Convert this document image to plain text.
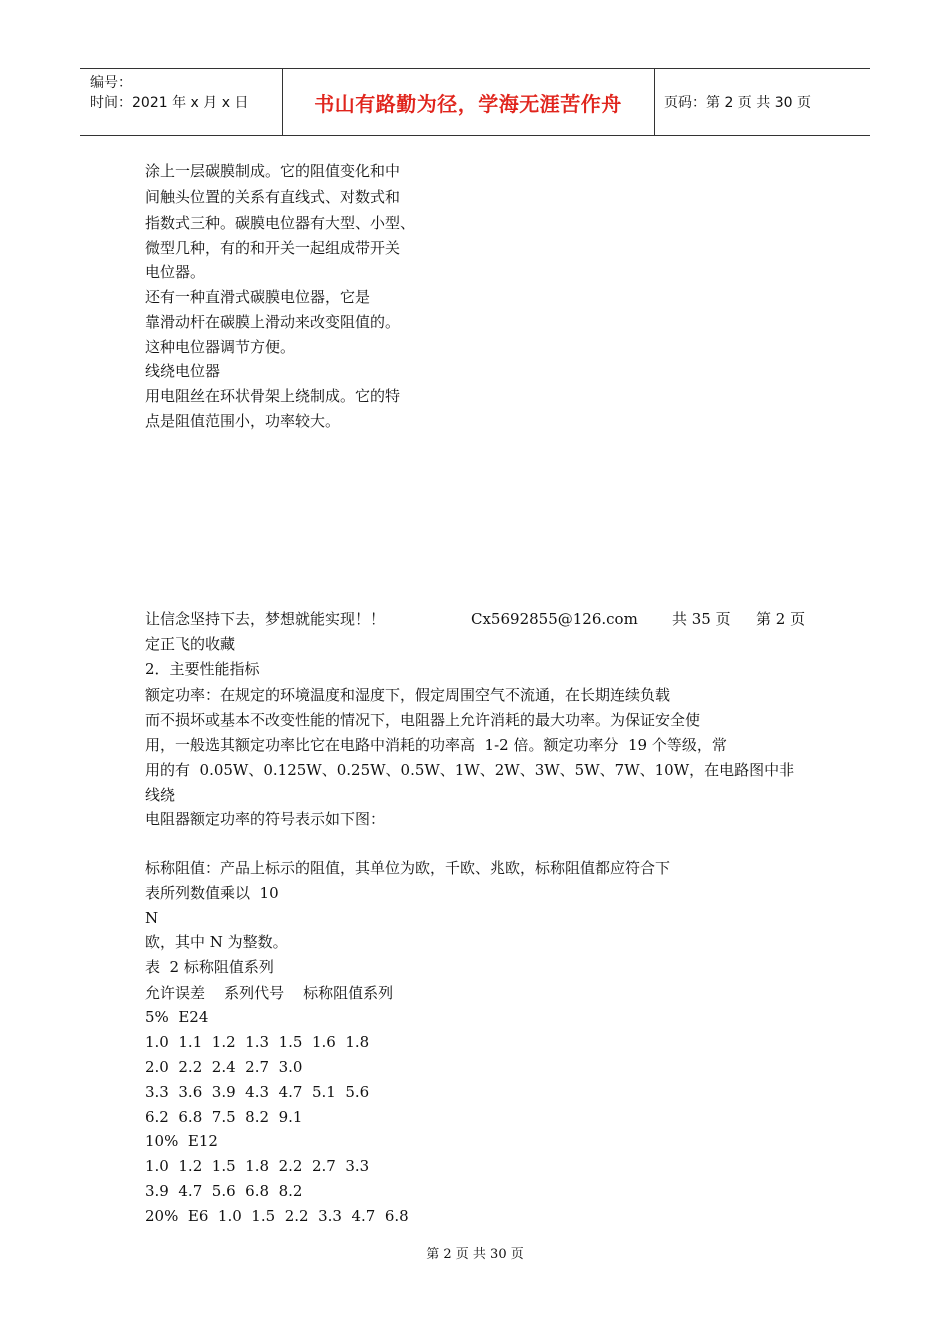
编号：
时间：2021 年 x 月 x 日	书山有路勤为径，学海无涯苦作舟	页码：第 2 页 共 30 页
涂上一层碳膜制成。它的阻值变化和中
间触头位置的关系有直线式、对数式和
指数式三种。碳膜电位器有大型、小型、
微型几种，有的和开关一起组成带开关
电位器。
还有一种直滑式碳膜电位器，它是
靠滑动杆在碳膜上滑动来改变阻值的。
这种电位器调节方便。
线绕电位器
用电阻丝在环状骨架上绕制成。它的特
点是阻值范围小，功率较大。
让信念坚持下去，梦想就能实现！！	Cx5692855@126.com 共 35 页 第 2 页
定正飞的收藏
2．主要性能指标
额定功率：在规定的环境温度和湿度下，假定周围空气不流通，在长期连续负载
而不损坏或基本不改变性能的情况下，电阻器上允许消耗的最大功率。为保证安全使
用，一般选其额定功率比它在电路中消耗的功率高  1-2 倍。额定功率分  19 个等级，常
用的有  0.05W、0.125W、0.25W、0.5W、1W、2W、3W、5W、7W、10W，在电路图中非
线绕
电阻器额定功率的符号表示如下图：
标称阻值：产品上标示的阻值，其单位为欧，千欧、兆欧，标称阻值都应符合下
表所列数值乘以  10
N
欧，其中 N 为整数。
表  2 标称阻值系列
允许误差    系列代号    标称阻值系列
5%  E24
1.0  1.1  1.2  1.3  1.5  1.6  1.8
2.0  2.2  2.4  2.7  3.0
3.3  3.6  3.9  4.3  4.7  5.1  5.6
6.2  6.8  7.5  8.2  9.1
10%  E12
1.0  1.2  1.5  1.8  2.2  2.7  3.3
3.9  4.7  5.6  6.8  8.2
20%  E6  1.0  1.5  2.2  3.3  4.7  6.8
第 2 页 共 30 页
